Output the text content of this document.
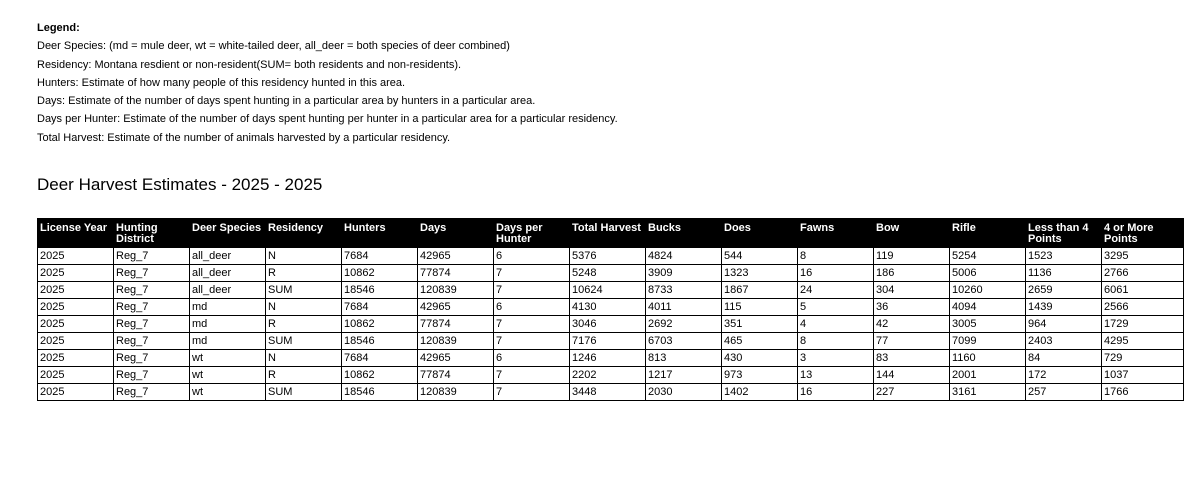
Legend:
Deer Species: (md = mule deer, wt = white-tailed deer, all_deer = both species of deer combined)
Residency: Montana resdient or non-resident(SUM= both residents and non-residents).
Hunters: Estimate of how many people of this residency hunted in this area.
Days: Estimate of the number of days spent hunting in a particular area by hunters in a particular area.
Days per Hunter: Estimate of the number of days spent hunting per hunter in a particular area for a particular residency.
Total Harvest: Estimate of the number of animals harvested by a particular residency.
Deer Harvest Estimates - 2025 - 2025
License Year	Hunting District	Deer Species	Residency	Hunters	Days	Days per Hunter	Total Harvest	Bucks	Does	Fawns	Bow	Rifle	Less than 4 Points	4 or More Points
2025	Reg_7	all_deer	N	7684	42965	6	5376	4824	544	8	119	5254	1523	3295
2025	Reg_7	all_deer	R	10862	77874	7	5248	3909	1323	16	186	5006	1136	2766
2025	Reg_7	all_deer	SUM	18546	120839	7	10624	8733	1867	24	304	10260	2659	6061
2025	Reg_7	md	N	7684	42965	6	4130	4011	115	5	36	4094	1439	2566
2025	Reg_7	md	R	10862	77874	7	3046	2692	351	4	42	3005	964	1729
2025	Reg_7	md	SUM	18546	120839	7	7176	6703	465	8	77	7099	2403	4295
2025	Reg_7	wt	N	7684	42965	6	1246	813	430	3	83	1160	84	729
2025	Reg_7	wt	R	10862	77874	7	2202	1217	973	13	144	2001	172	1037
2025	Reg_7	wt	SUM	18546	120839	7	3448	2030	1402	16	227	3161	257	1766
